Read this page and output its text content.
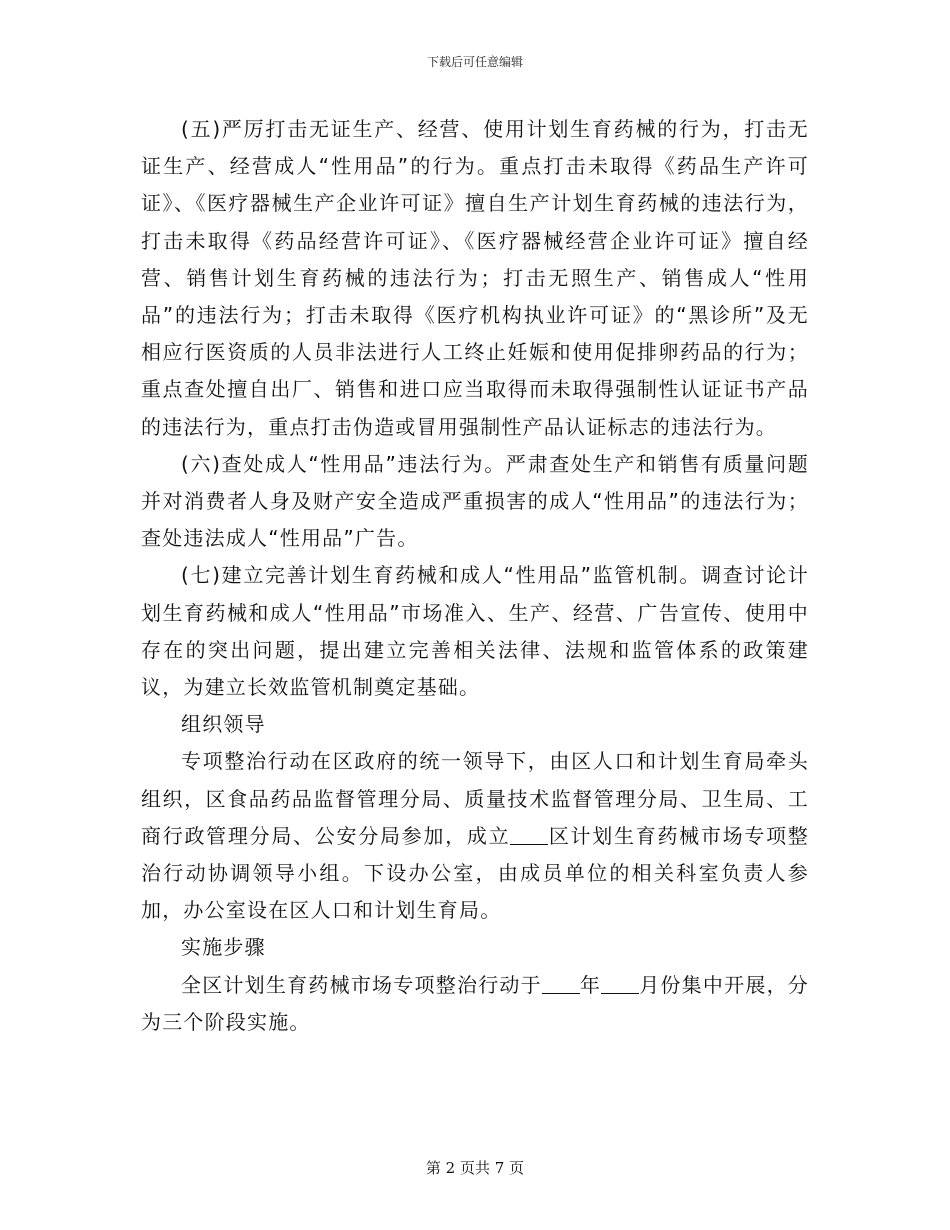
下载后可任意编辑

(五)严厉打击无证生产、经营、使用计划生育药械的行为，打击无证生产、经营成人“性用品”的行为。重点打击未取得《药品生产许可证》、《医疗器械生产企业许可证》擅自生产计划生育药械的违法行为，打击未取得《药品经营许可证》、《医疗器械经营企业许可证》擅自经营、销售计划生育药械的违法行为；打击无照生产、销售成人“性用品”的违法行为；打击未取得《医疗机构执业许可证》的“黑诊所”及无相应行医资质的人员非法进行人工终止妊娠和使用促排卵药品的行为；重点查处擅自出厂、销售和进口应当取得而未取得强制性认证证书产品的违法行为，重点打击伪造或冒用强制性产品认证标志的违法行为。

(六)查处成人“性用品”违法行为。严肃查处生产和销售有质量问题并对消费者人身及财产安全造成严重损害的成人“性用品”的违法行为；查处违法成人“性用品”广告。

(七)建立完善计划生育药械和成人“性用品”监管机制。调查讨论计划生育药械和成人“性用品”市场准入、生产、经营、广告宣传、使用中存在的突出问题，提出建立完善相关法律、法规和监管体系的政策建议，为建立长效监管机制奠定基础。

组织领导

专项整治行动在区政府的统一领导下，由区人口和计划生育局牵头组织，区食品药品监督管理分局、质量技术监督管理分局、卫生局、工商行政管理分局、公安分局参加，成立 区计划生育药械市场专项整治行动协调领导小组。下设办公室，由成员单位的相关科室负责人参加，办公室设在区人口和计划生育局。

实施步骤

全区计划生育药械市场专项整治行动于 年 月份集中开展，分为三个阶段实施。

第 2 页共 7 页
